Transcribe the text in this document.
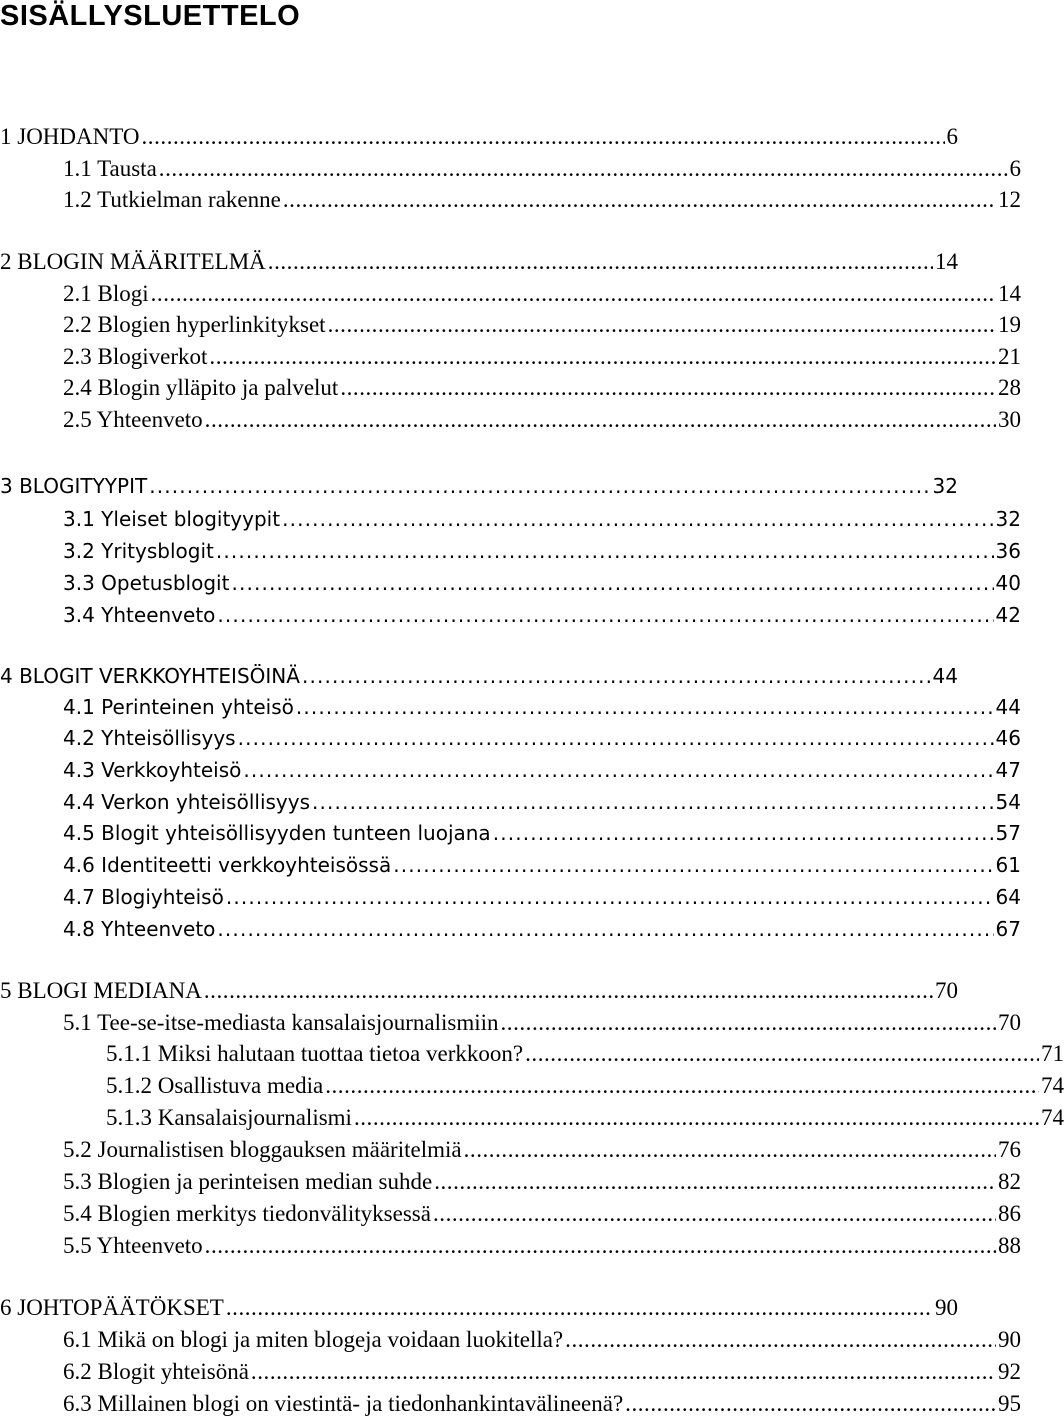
SISÄLLYSLUETTELO
1 JOHDANTO . . .	6
1.1 Tausta . . .	6
1.2 Tutkielman rakenne . . .	12
2 BLOGIN MÄÄRITELMÄ . . .	14
2.1 Blogi . . .	14
2.2 Blogien hyperlinkitykset . . .	19
2.3 Blogiverkot . . .	21
2.4 Blogin ylläpito ja palvelut . . .	28
2.5 Yhteenveto . . .	30
3 BLOGITYYPIT . . .	32
3.1 Yleiset blogityypit . . .	32
3.2 Yritysblogit . . .	36
3.3 Opetusblogit . . .	40
3.4 Yhteenveto . . .	42
4 BLOGIT VERKKOYHTEISÖINÄ . . .	44
4.1 Perinteinen yhteisö . . .	44
4.2 Yhteisöllisyys . . .	46
4.3 Verkkoyhteisö . . .	47
4.4 Verkon yhteisöllisyys . . .	54
4.5 Blogit yhteisöllisyyden tunteen luojana . . .	57
4.6 Identiteetti verkkoyhteisössä . . .	61
4.7 Blogiyhteisö . . .	64
4.8 Yhteenveto . . .	67
5 BLOGI MEDIANA . . .	70
5.1 Tee-se-itse-mediasta kansalaisjournalismiin . . .	70
5.1.1 Miksi halutaan tuottaa tietoa verkkoon? . . .	71
5.1.2 Osallistuva media . . .	74
5.1.3 Kansalaisjournalismi . . .	74
5.2 Journalistisen bloggauksen määritelmiä . . .	76
5.3 Blogien ja perinteisen median suhde . . .	82
5.4 Blogien merkitys tiedonvälityksessä . . .	86
5.5 Yhteenveto . . .	88
6 JOHTOPÄÄTÖKSET . . .	90
6.1 Mikä on blogi ja miten blogeja voidaan luokitella? . . .	90
6.2 Blogit yhteisönä . . .	92
6.3 Millainen blogi on viestintä- ja tiedonhankintavälineenä? . . .	95
